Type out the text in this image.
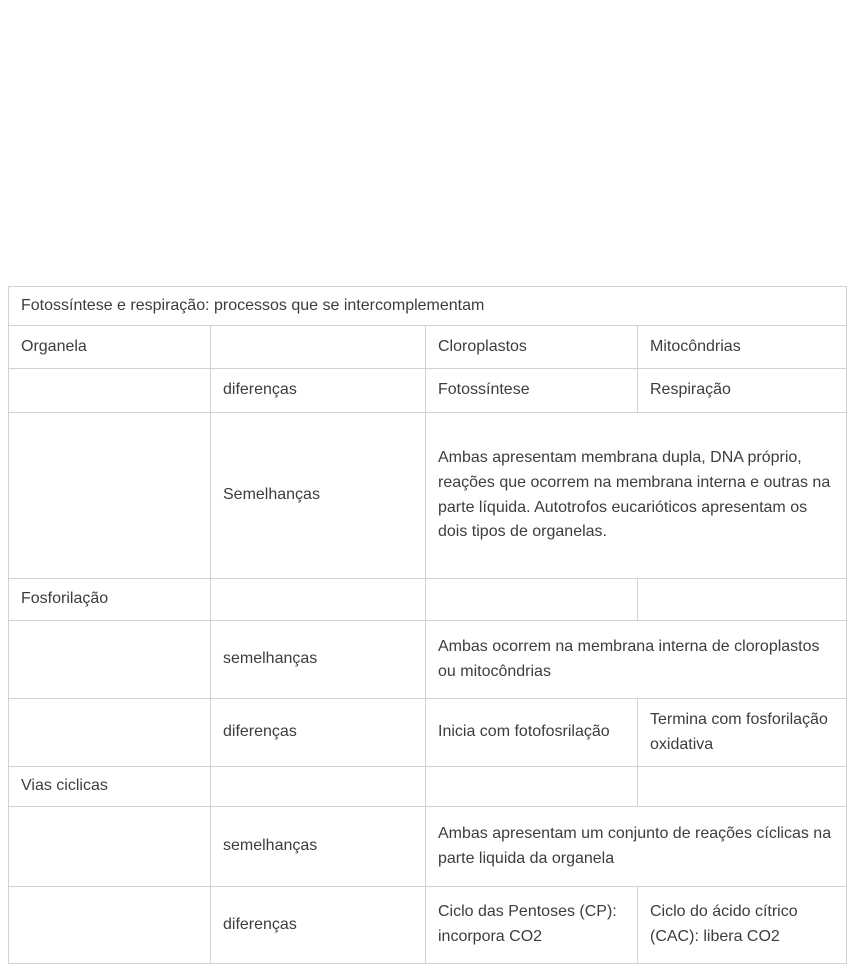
Fotossíntese e respiração: processos que se intercomplementam			
Organela		Cloroplastos	Mitocôndrias
	diferenças	Fotossíntese	Respiração
	Semelhanças	Ambas apresentam membrana dupla, DNA próprio, reações que ocorrem na membrana interna e outras na parte líquida. Autotrofos eucarióticos apresentam os dois tipos de organelas.	
Fosforilação			
	semelhanças	Ambas ocorrem na membrana interna de cloroplastos ou mitocôndrias	
	diferenças	Inicia com fotofosrilação	Termina com fosforilação oxidativa
Vias ciclicas			
	semelhanças	Ambas apresentam um conjunto de reações cíclicas na parte liquida da organela	
	diferenças	Ciclo das Pentoses (CP): incorpora CO2	Ciclo do ácido cítrico (CAC): libera CO2
